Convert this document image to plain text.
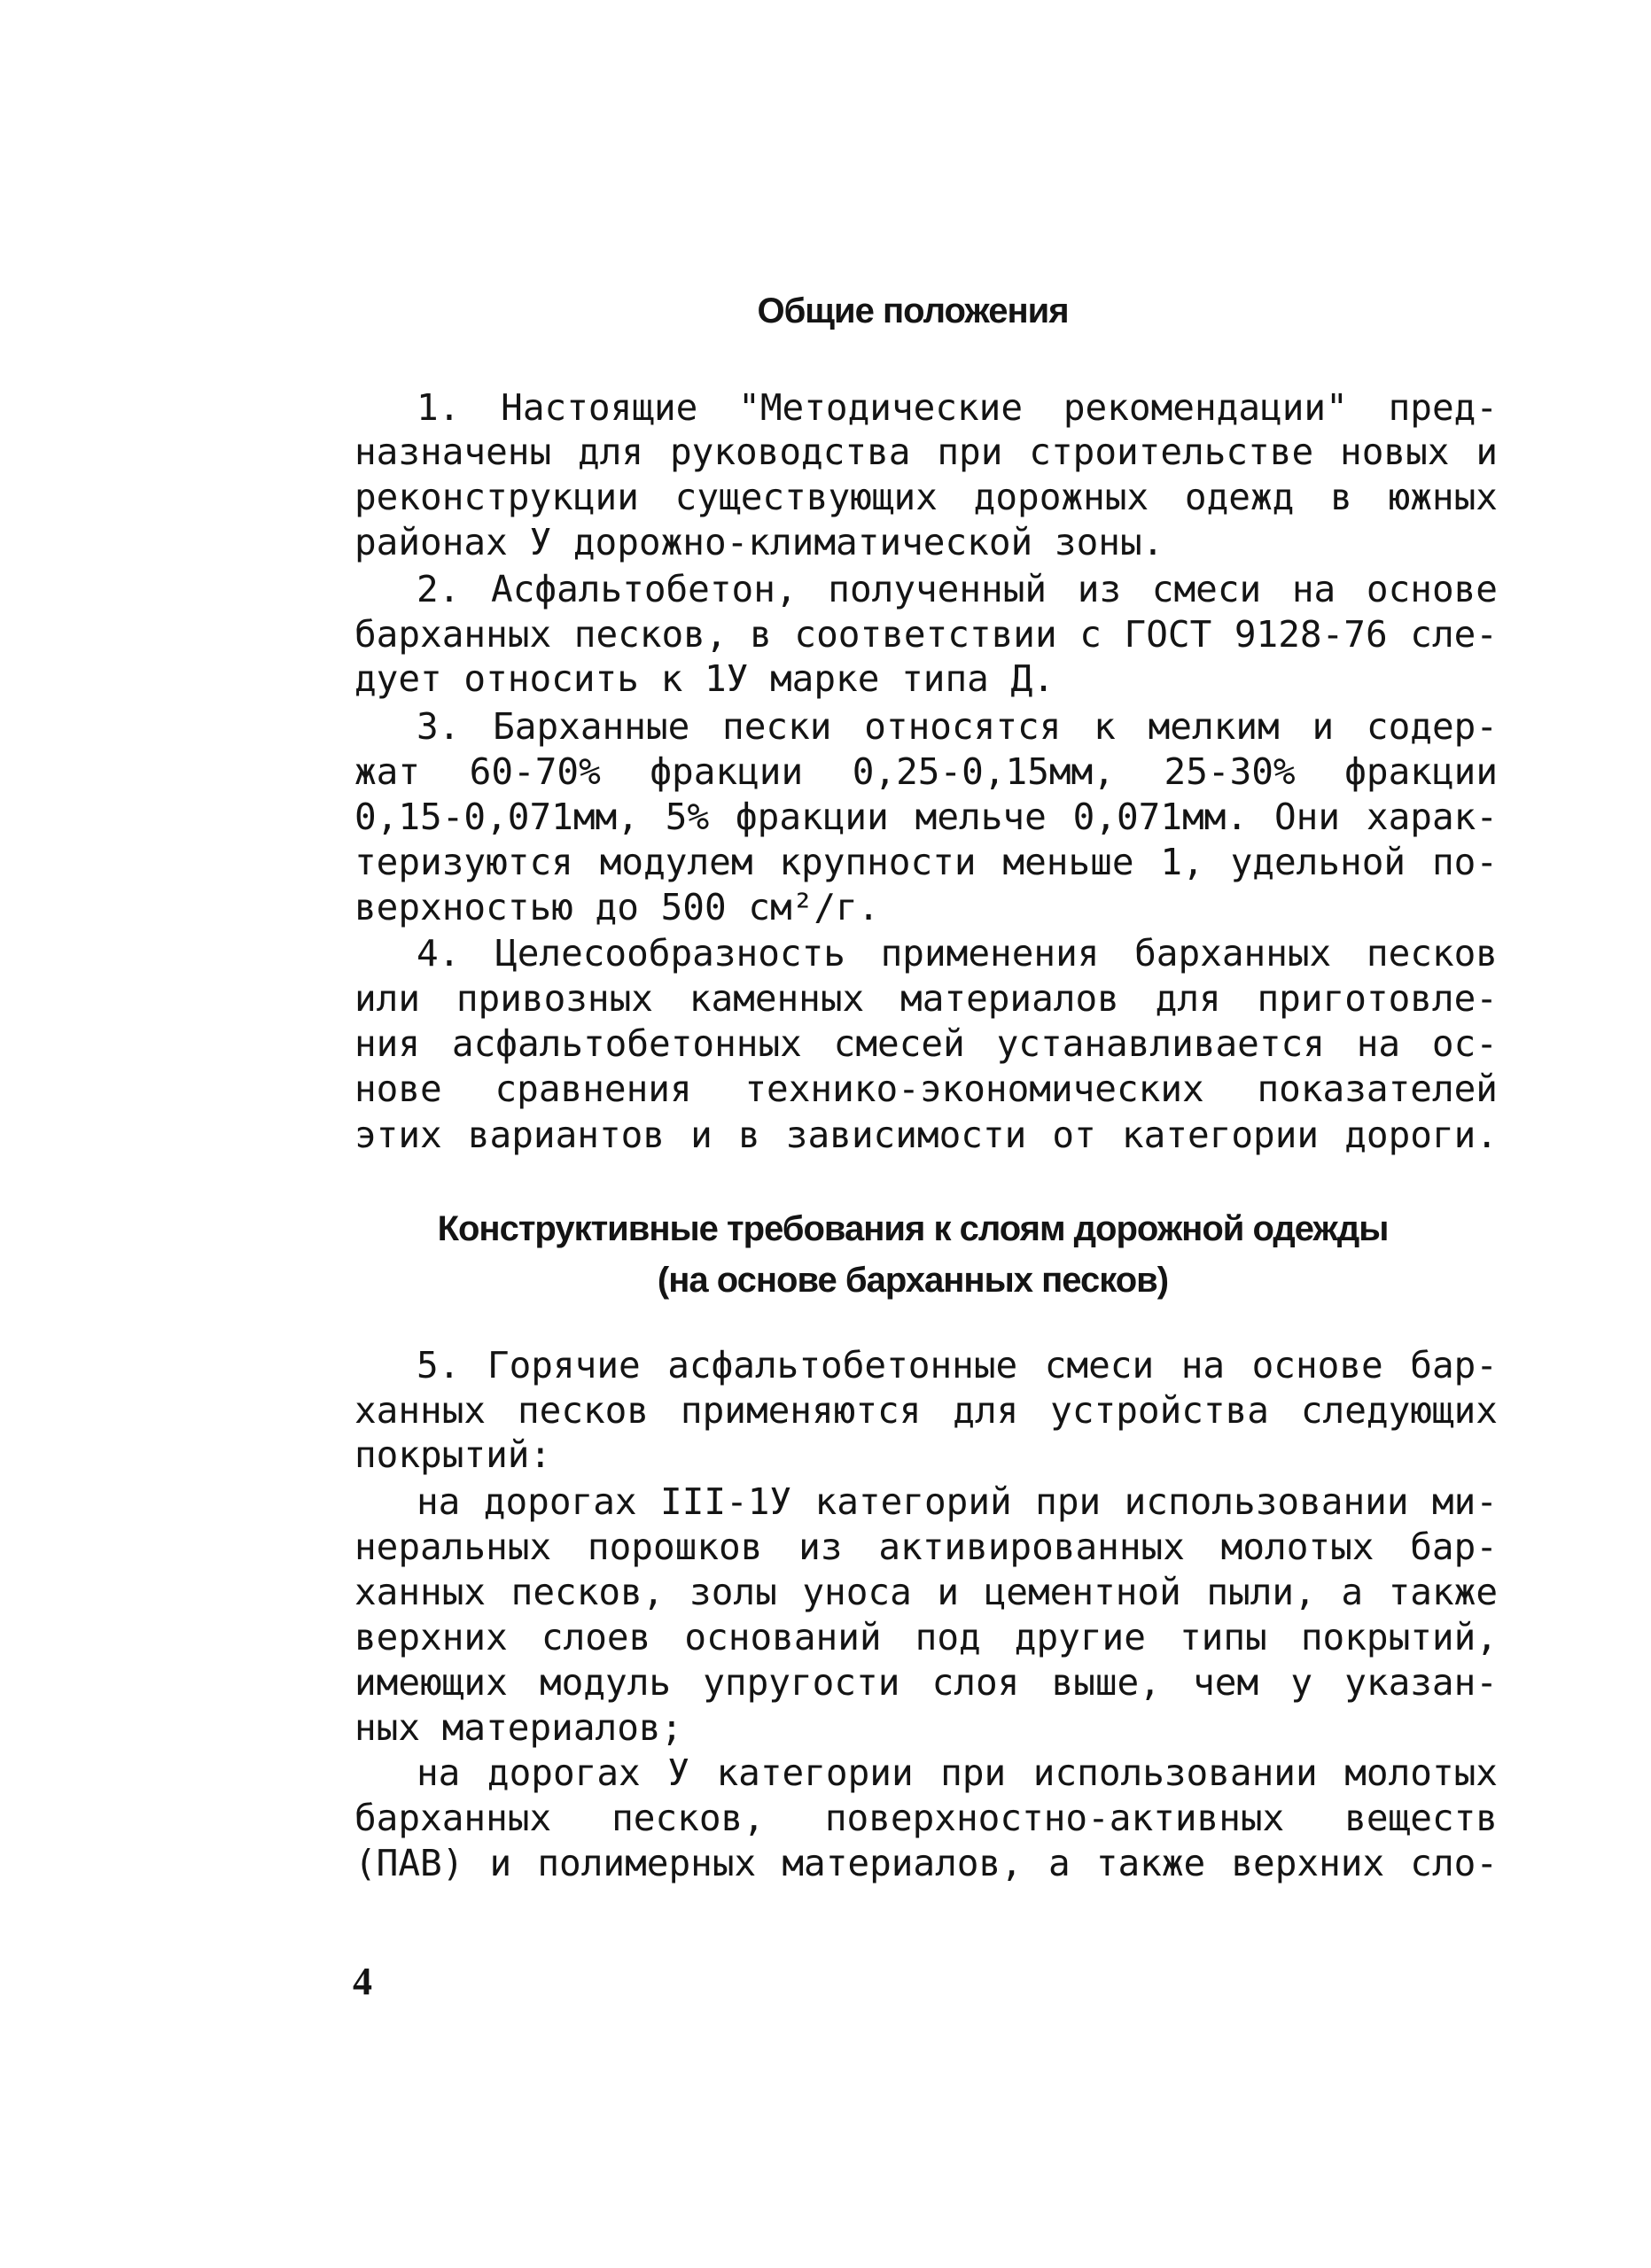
Общие положения
1. Настоящие "Методические рекомендации" пред-
назначены для руководства при строительстве новых и
реконструкции существующих дорожных одежд в южных
районах У дорожно-климатической зоны.
2. Асфальтобетон, полученный из смеси на основе
барханных песков, в соответствии с ГОСТ 9128-76 сле-
дует относить к 1У марке типа Д.
3. Барханные пески относятся к мелким и содер-
жат 60-70% фракции 0,25-0,15мм, 25-30% фракции
0,15-0,071мм, 5% фракции мельче 0,071мм. Они харак-
теризуются модулем крупности меньше 1, удельной по-
верхностью до 500 см²/г.
4. Целесообразность применения барханных песков
или привозных каменных материалов для приготовле-
ния асфальтобетонных смесей устанавливается на ос-
нове сравнения технико-экономических показателей
этих вариантов и в зависимости от категории дороги.
Конструктивные требования к слоям дорожной одежды
(на основе барханных песков)
5. Горячие асфальтобетонные смеси на основе бар-
ханных песков применяются для устройства следующих
покрытий:
на дорогах III-1У категорий при использовании ми-
неральных порошков из активированных молотых бар-
ханных песков, золы уноса и цементной пыли, а также
верхних слоев оснований под другие типы покрытий,
имеющих модуль упругости слоя выше, чем у указан-
ных материалов;
на дорогах У категории при использовании молотых
барханных песков, поверхностно-активных веществ
(ПАВ) и полимерных материалов, а также верхних сло-
4
